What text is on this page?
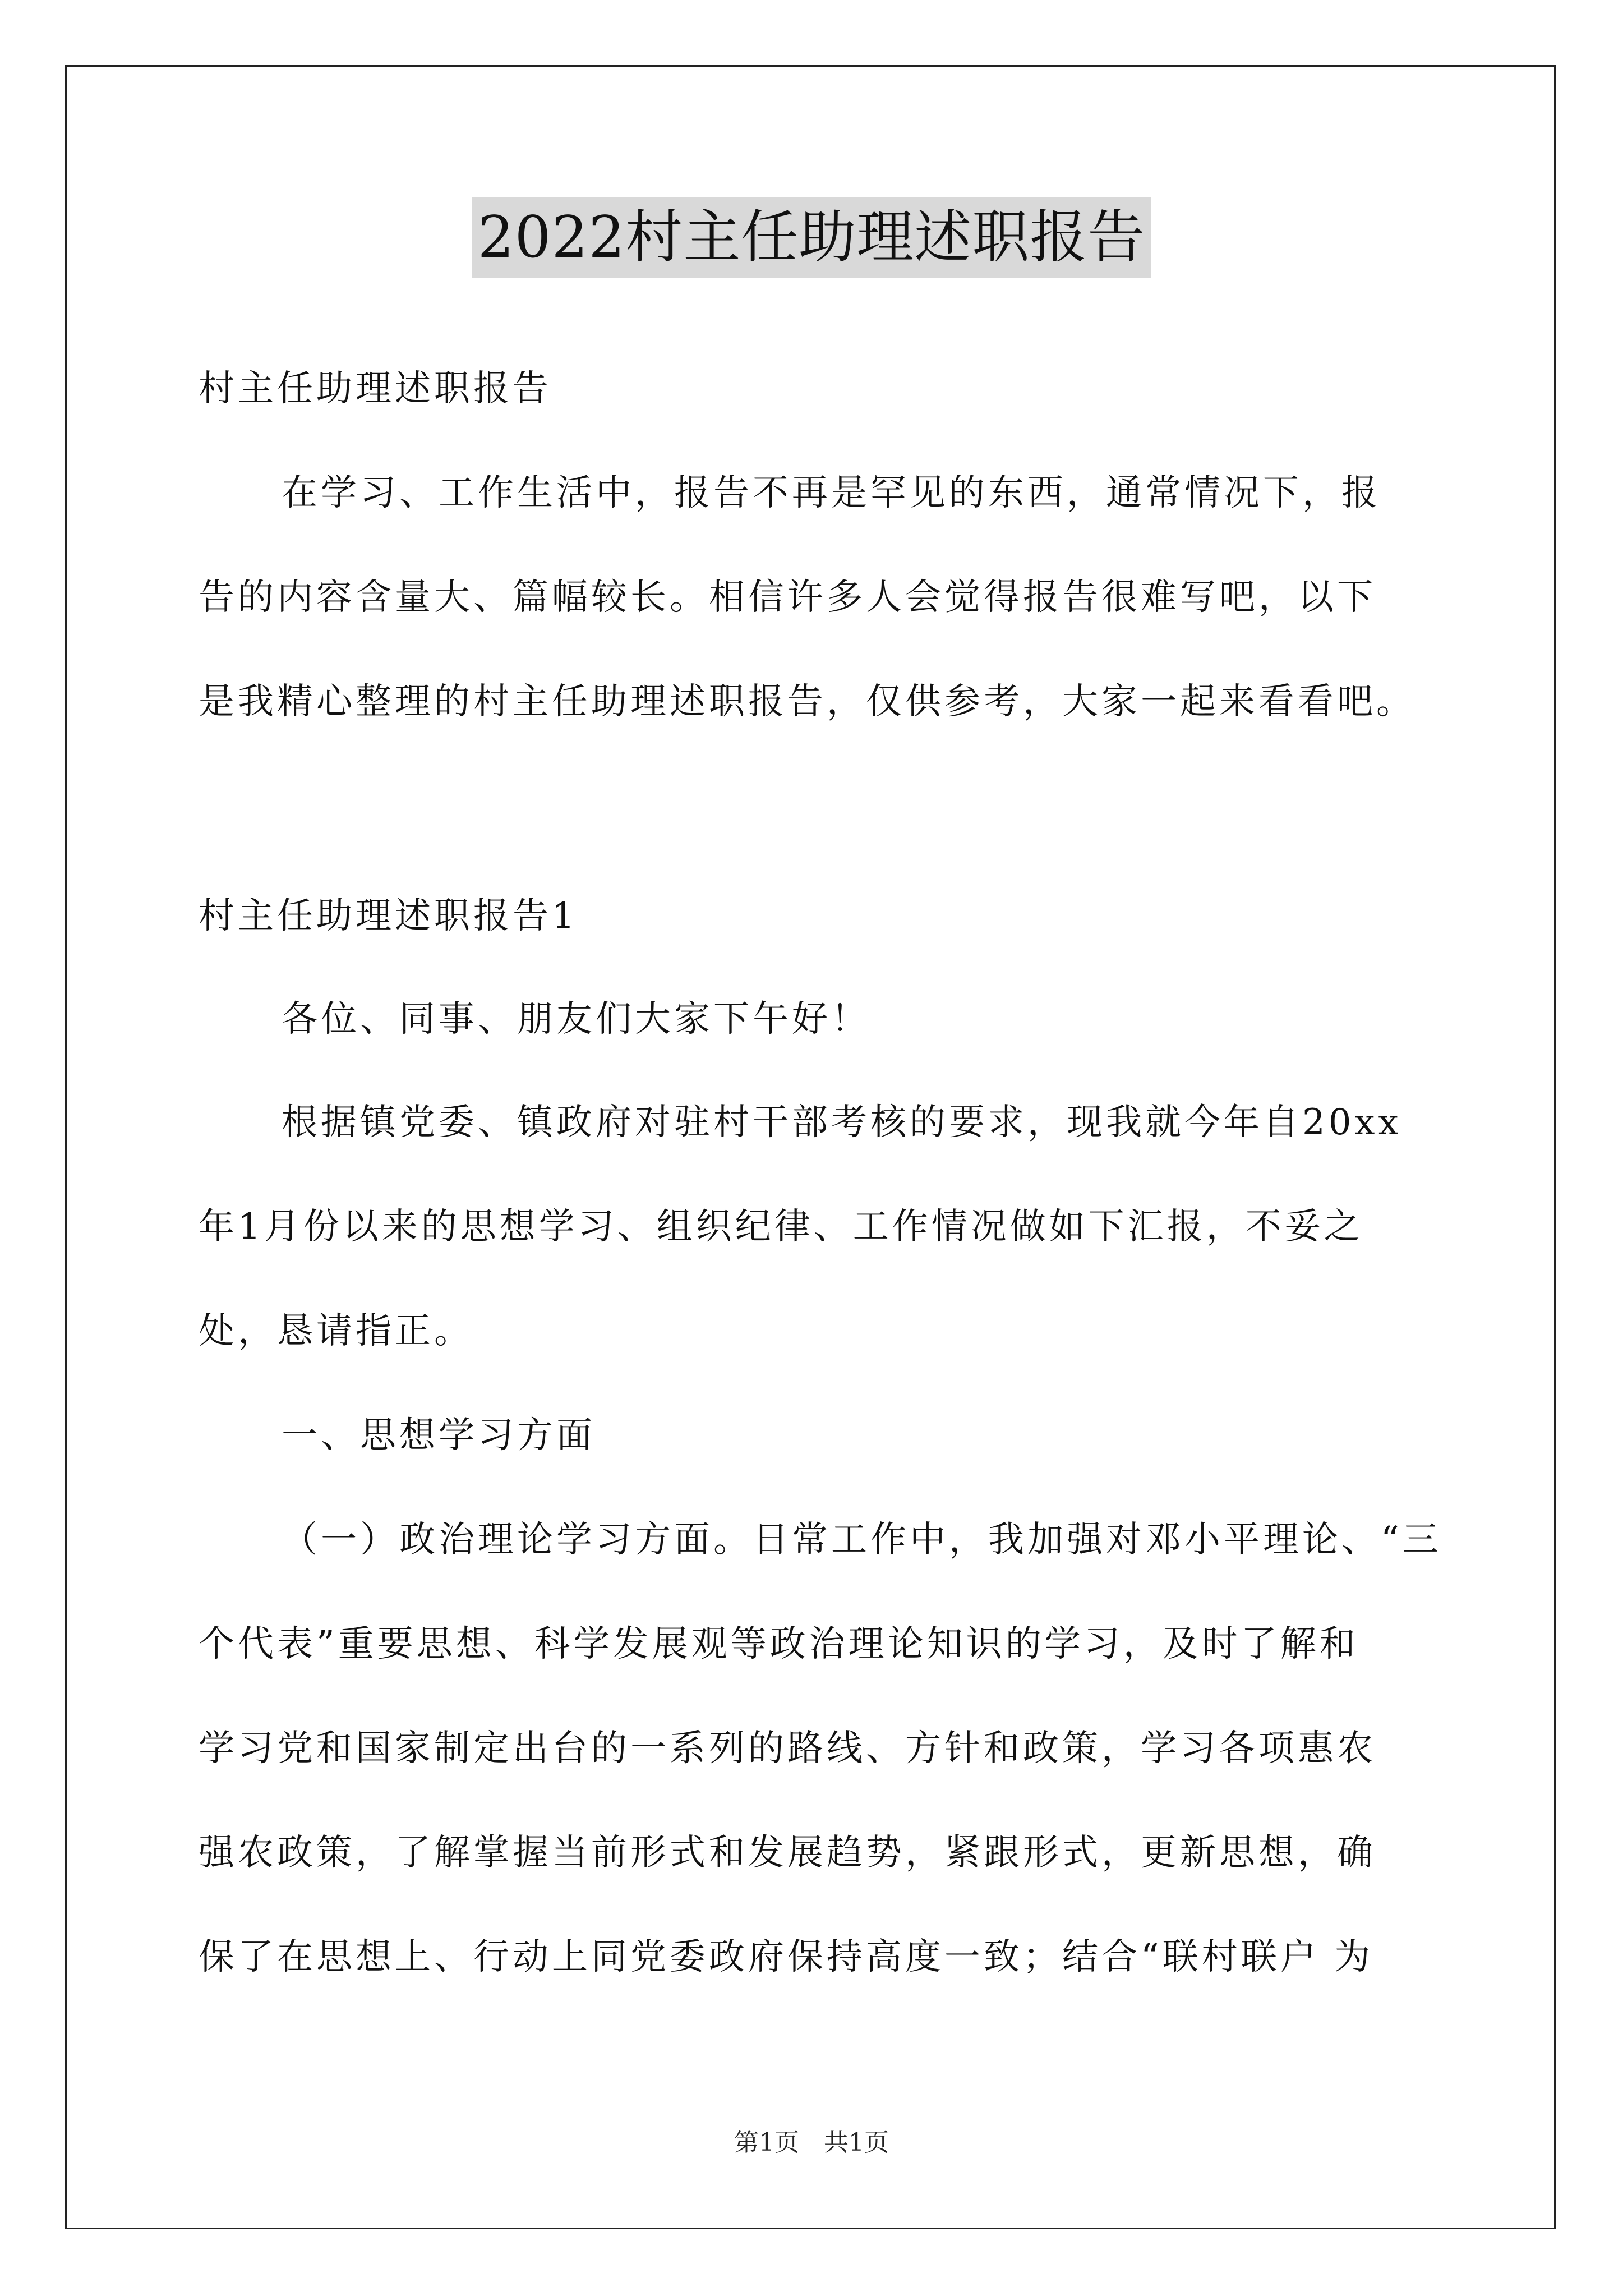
2022村主任助理述职报告

村主任助理述职报告

在学习、工作生活中，报告不再是罕见的东西，通常情况下，报

告的内容含量大、篇幅较长。相信许多人会觉得报告很难写吧，以下

是我精心整理的村主任助理述职报告，仅供参考，大家一起来看看吧。

村主任助理述职报告1

各位、同事、朋友们大家下午好！

根据镇党委、镇政府对驻村干部考核的要求，现我就今年自20xx

年1月份以来的思想学习、组织纪律、工作情况做如下汇报，不妥之

处，恳请指正。

一、思想学习方面

（一）政治理论学习方面。日常工作中，我加强对邓小平理论、“三

个代表”重要思想、科学发展观等政治理论知识的学习，及时了解和

学习党和国家制定出台的一系列的路线、方针和政策，学习各项惠农

强农政策，了解掌握当前形式和发展趋势，紧跟形式，更新思想，确

保了在思想上、行动上同党委政府保持高度一致；结合“联村联户 为

第1页　共1页
